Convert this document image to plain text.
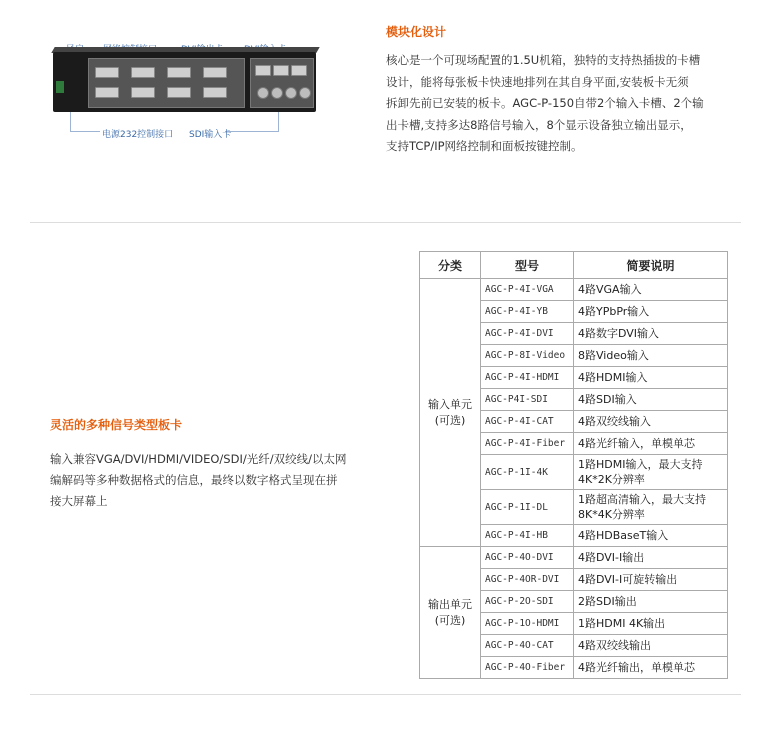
电源232控制接口 SDI输入卡
模块化设计
核心是一个可现场配置的1.5U机箱，独特的支持热插拔的卡槽
设计，能将每张板卡快速地排列在其自身平面,安装板卡无须
拆卸先前已安装的板卡。AGC-P-150自带2个输入卡槽、2个输
出卡槽,支持多达8路信号输入，8个显示设备独立输出显示，
支持TCP/IP网络控制和面板按键控制。
灵活的多种信号类型板卡
输入兼容VGA/DVI/HDMI/VIDEO/SDI/光纤/双绞线/以太网
编解码等多种数据格式的信息，最终以数字格式呈现在拼
接大屏幕上
分类	型号	简要说明

输入单元
(可选)	AGC-P-4I-VGA	4路VGA输入

	AGC-P-4I-YB	4路YPbPr输入

	AGC-P-4I-DVI	4路数字DVI输入

	AGC-P-8I-Video	8路Video输入

	AGC-P-4I-HDMI	4路HDMI输入

	AGC-P4I-SDI	4路SDI输入

	AGC-P-4I-CAT	4路双绞线输入

	AGC-P-4I-Fiber	4路光纤输入，单模单芯

	AGC-P-1I-4K	1路HDMI输入，最大支持
4K*2K分辨率

	AGC-P-1I-DL	1路超高清输入，最大支持
8K*4K分辨率

	AGC-P-4I-HB	4路HDBaseT输入

输出单元
(可选)	AGC-P-4O-DVI	4路DVI-I输出

	AGC-P-4OR-DVI	4路DVI-I可旋转输出

	AGC-P-2O-SDI	2路SDI输出

	AGC-P-1O-HDMI	1路HDMI 4K输出

	AGC-P-4O-CAT	4路双绞线输出

	AGC-P-4O-Fiber	4路光纤输出，单模单芯
